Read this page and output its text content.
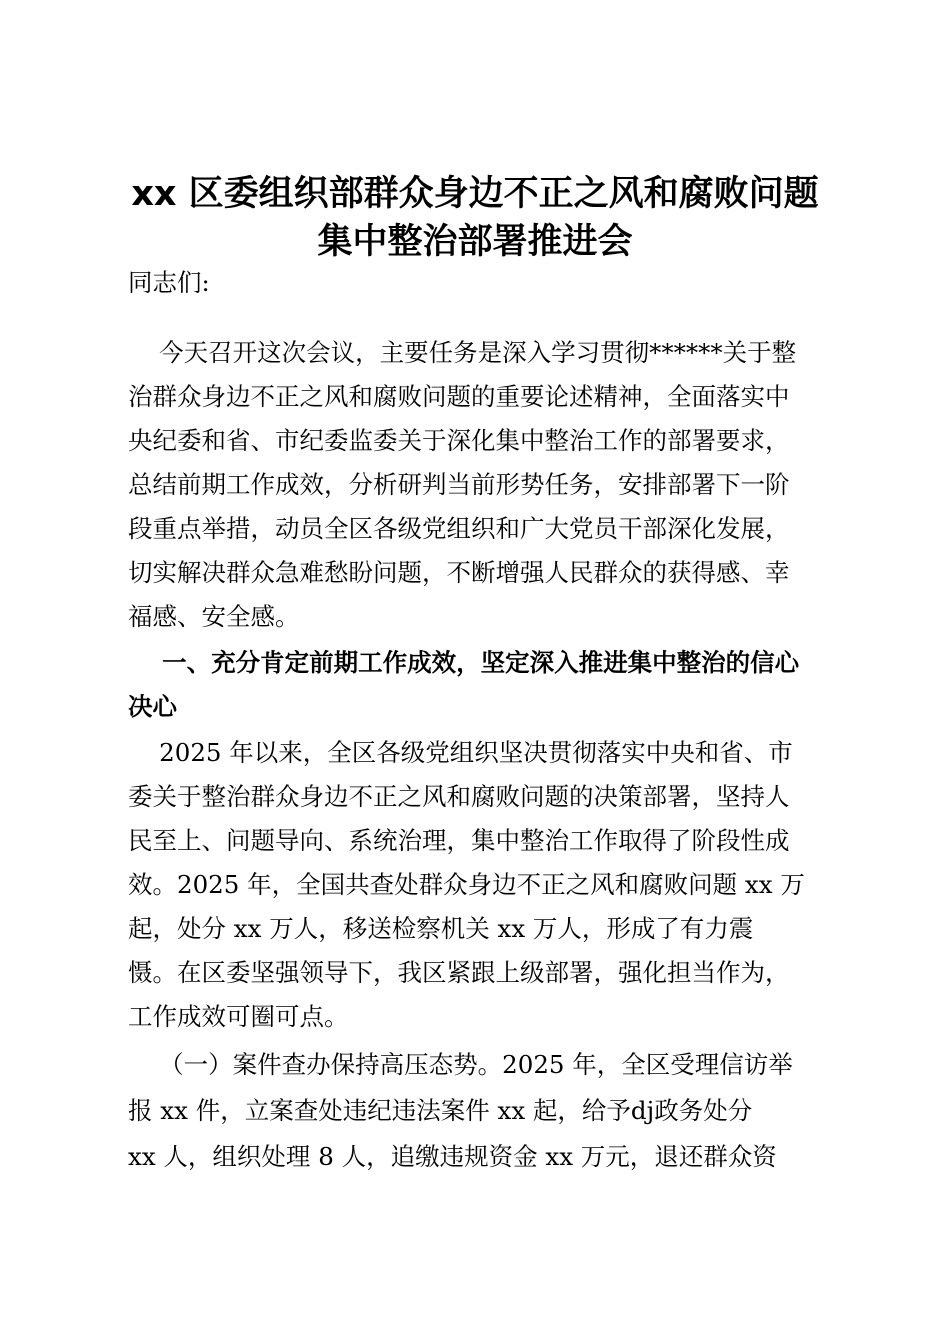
xx 区委组织部群众身边不正之风和腐败问题
集中整治部署推进会
同志们:
今天召开这次会议，主要任务是深入学习贯彻******关于整
治群众身边不正之风和腐败问题的重要论述精神，全面落实中
央纪委和省、市纪委监委关于深化集中整治工作的部署要求，
总结前期工作成效，分析研判当前形势任务，安排部署下一阶
段重点举措，动员全区各级党组织和广大党员干部深化发展，
切实解决群众急难愁盼问题，不断增强人民群众的获得感、幸
福感、安全感。
一、充分肯定前期工作成效，坚定深入推进集中整治的信心
决心
2025 年以来，全区各级党组织坚决贯彻落实中央和省、市
委关于整治群众身边不正之风和腐败问题的决策部署，坚持人
民至上、问题导向、系统治理，集中整治工作取得了阶段性成
效。2025 年，全国共查处群众身边不正之风和腐败问题 xx 万
起，处分 xx 万人，移送检察机关 xx 万人，形成了有力震
慑。在区委坚强领导下，我区紧跟上级部署，强化担当作为，
工作成效可圈可点。
（一）案件查办保持高压态势。2025 年，全区受理信访举
报 xx 件，立案查处违纪违法案件 xx 起，给予dj政务处分
xx 人，组织处理 8 人，追缴违规资金 xx 万元，退还群众资
